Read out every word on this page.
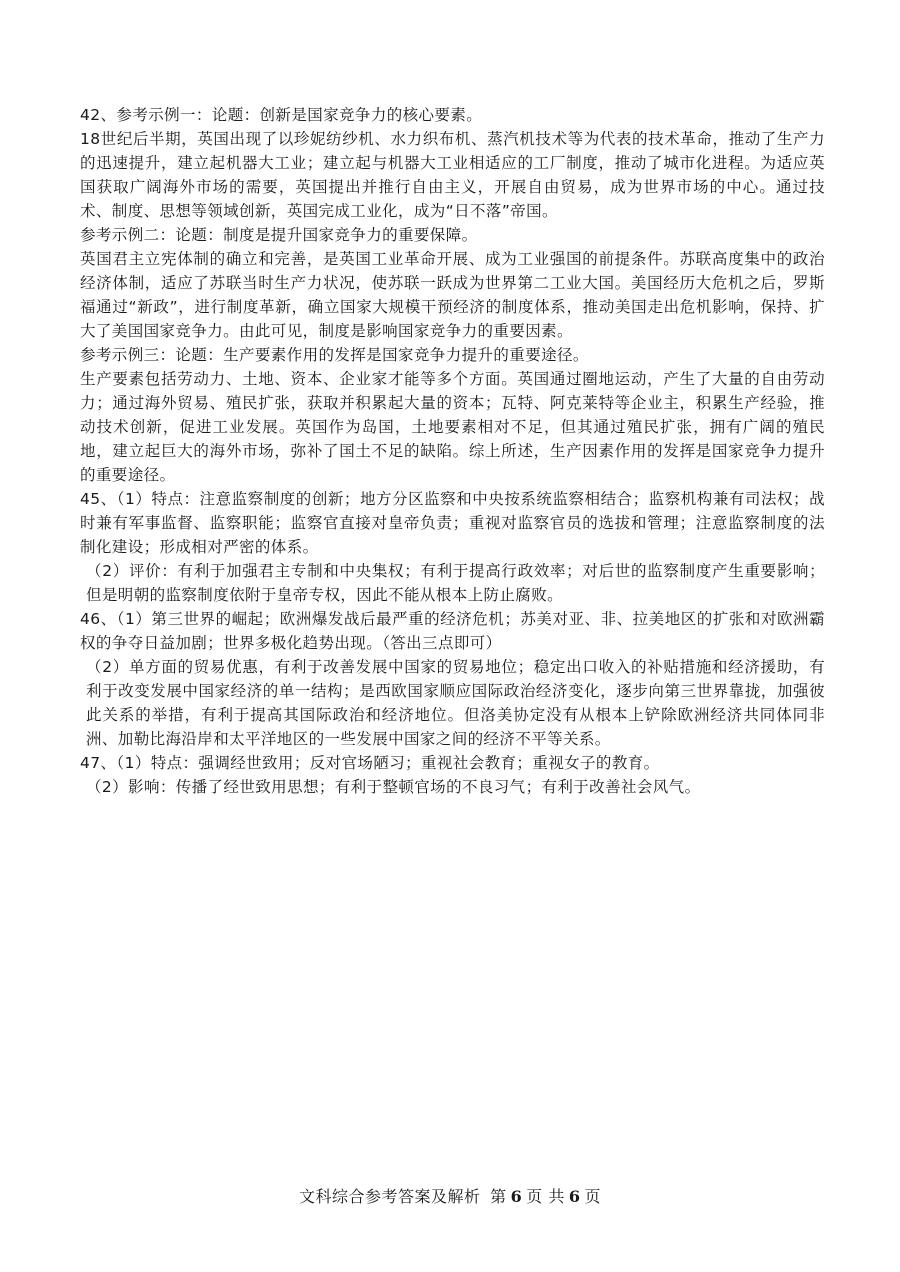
42、参考示例一：论题：创新是国家竞争力的核心要素。

18世纪后半期，英国出现了以珍妮纺纱机、水力织布机、蒸汽机技术等为代表的技术革命，推动了生产力的迅速提升，建立起机器大工业；建立起与机器大工业相适应的工厂制度，推动了城市化进程。为适应英国获取广阔海外市场的需要，英国提出并推行自由主义，开展自由贸易，成为世界市场的中心。通过技术、制度、思想等领域创新，英国完成工业化，成为“日不落”帝国。

参考示例二：论题：制度是提升国家竞争力的重要保障。

英国君主立宪体制的确立和完善，是英国工业革命开展、成为工业强国的前提条件。苏联高度集中的政治经济体制，适应了苏联当时生产力状况，使苏联一跃成为世界第二工业大国。美国经历大危机之后，罗斯福通过“新政”，进行制度革新，确立国家大规模干预经济的制度体系，推动美国走出危机影响，保持、扩大了美国国家竞争力。由此可见，制度是影响国家竞争力的重要因素。

参考示例三：论题：生产要素作用的发挥是国家竞争力提升的重要途径。

生产要素包括劳动力、土地、资本、企业家才能等多个方面。英国通过圈地运动，产生了大量的自由劳动力；通过海外贸易、殖民扩张，获取并积累起大量的资本；瓦特、阿克莱特等企业主，积累生产经验，推动技术创新，促进工业发展。英国作为岛国，土地要素相对不足，但其通过殖民扩张，拥有广阔的殖民地，建立起巨大的海外市场，弥补了国土不足的缺陷。综上所述，生产因素作用的发挥是国家竞争力提升的重要途径。

45、（1）特点：注意监察制度的创新；地方分区监察和中央按系统监察相结合；监察机构兼有司法权；战时兼有军事监督、监察职能；监察官直接对皇帝负责；重视对监察官员的选拔和管理；注意监察制度的法制化建设；形成相对严密的体系。

（2）评价：有利于加强君主专制和中央集权；有利于提高行政效率；对后世的监察制度产生重要影响；但是明朝的监察制度依附于皇帝专权，因此不能从根本上防止腐败。

46、（1）第三世界的崛起；欧洲爆发战后最严重的经济危机；苏美对亚、非、拉美地区的扩张和对欧洲霸权的争夺日益加剧；世界多极化趋势出现。（答出三点即可）

（2）单方面的贸易优惠，有利于改善发展中国家的贸易地位；稳定出口收入的补贴措施和经济援助，有利于改变发展中国家经济的单一结构；是西欧国家顺应国际政治经济变化，逐步向第三世界靠拢，加强彼此关系的举措，有利于提高其国际政治和经济地位。但洛美协定没有从根本上铲除欧洲经济共同体同非洲、加勒比海沿岸和太平洋地区的一些发展中国家之间的经济不平等关系。

47、（1）特点：强调经世致用；反对官场陋习；重视社会教育；重视女子的教育。

（2）影响：传播了经世致用思想；有利于整顿官场的不良习气；有利于改善社会风气。

文科综合参考答案及解析 第 6 页 共 6 页
